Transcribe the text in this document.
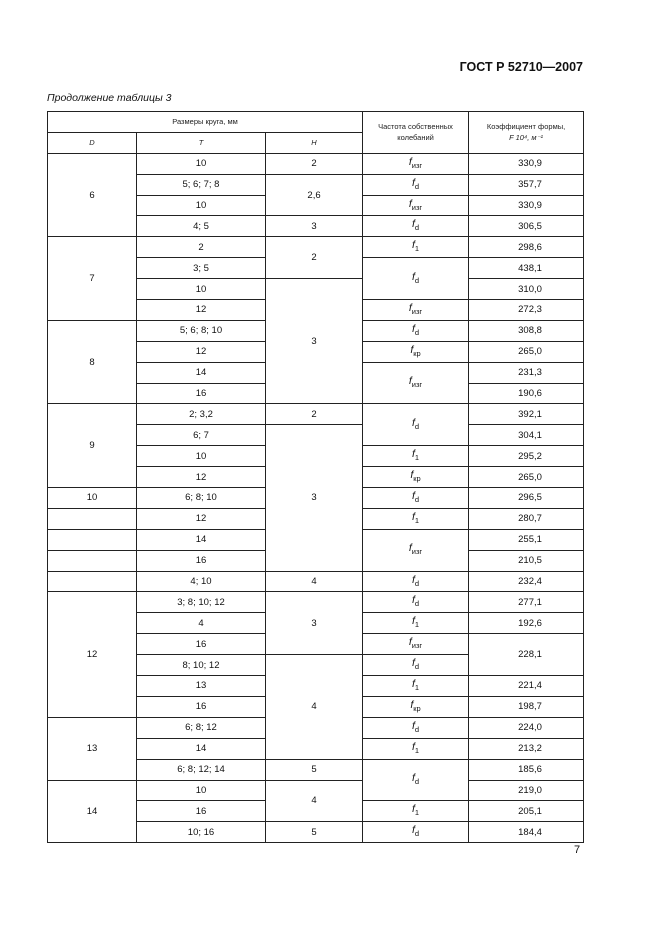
ГОСТ Р 52710—2007
Продолжение таблицы 3
Размеры круга, мм			Частота собственных колебаний	Коэффициент формы,
F 10⁴, м⁻¹
D	T	H		
6	10	2	$f_{изг}$	330,9
	5; 6; 7; 8	2,6	$f_d$	357,7
	10		$f_{изг}$	330,9
	4; 5	3	$f_d$	306,5
7	2	2	$f_1$	298,6
	3; 5		$f_d$	438,1
	10	3		310,0
	12		$f_{изг}$	272,3
8	5; 6; 8; 10		$f_d$	308,8
	12		$f_{кр}$	265,0
	14		$f_{изг}$	231,3
	16			190,6
9	2; 3,2	2	$f_d$	392,1
	6; 7	3		304,1
	10		$f_1$	295,2
	12		$f_{кр}$	265,0
10	6; 8; 10		$f_d$	296,5
	12		$f_1$	280,7
	14		$f_{изг}$	255,1
	16			210,5
	4; 10	4	$f_d$	232,4
12	3; 8; 10; 12	3	$f_d$	277,1
	4		$f_1$	192,6
	16		$f_{изг}$	228,1
	8; 10; 12	4	$f_d$
	13		$f_1$	221,4
	16		$f_{кр}$	198,7
13	6; 8; 12		$f_d$	224,0
	14		$f_1$	213,2
	6; 8; 12; 14	5	$f_d$	185,6
14	10	4		219,0
	16		$f_1$	205,1
	10; 16	5	$f_d$	184,4
7
